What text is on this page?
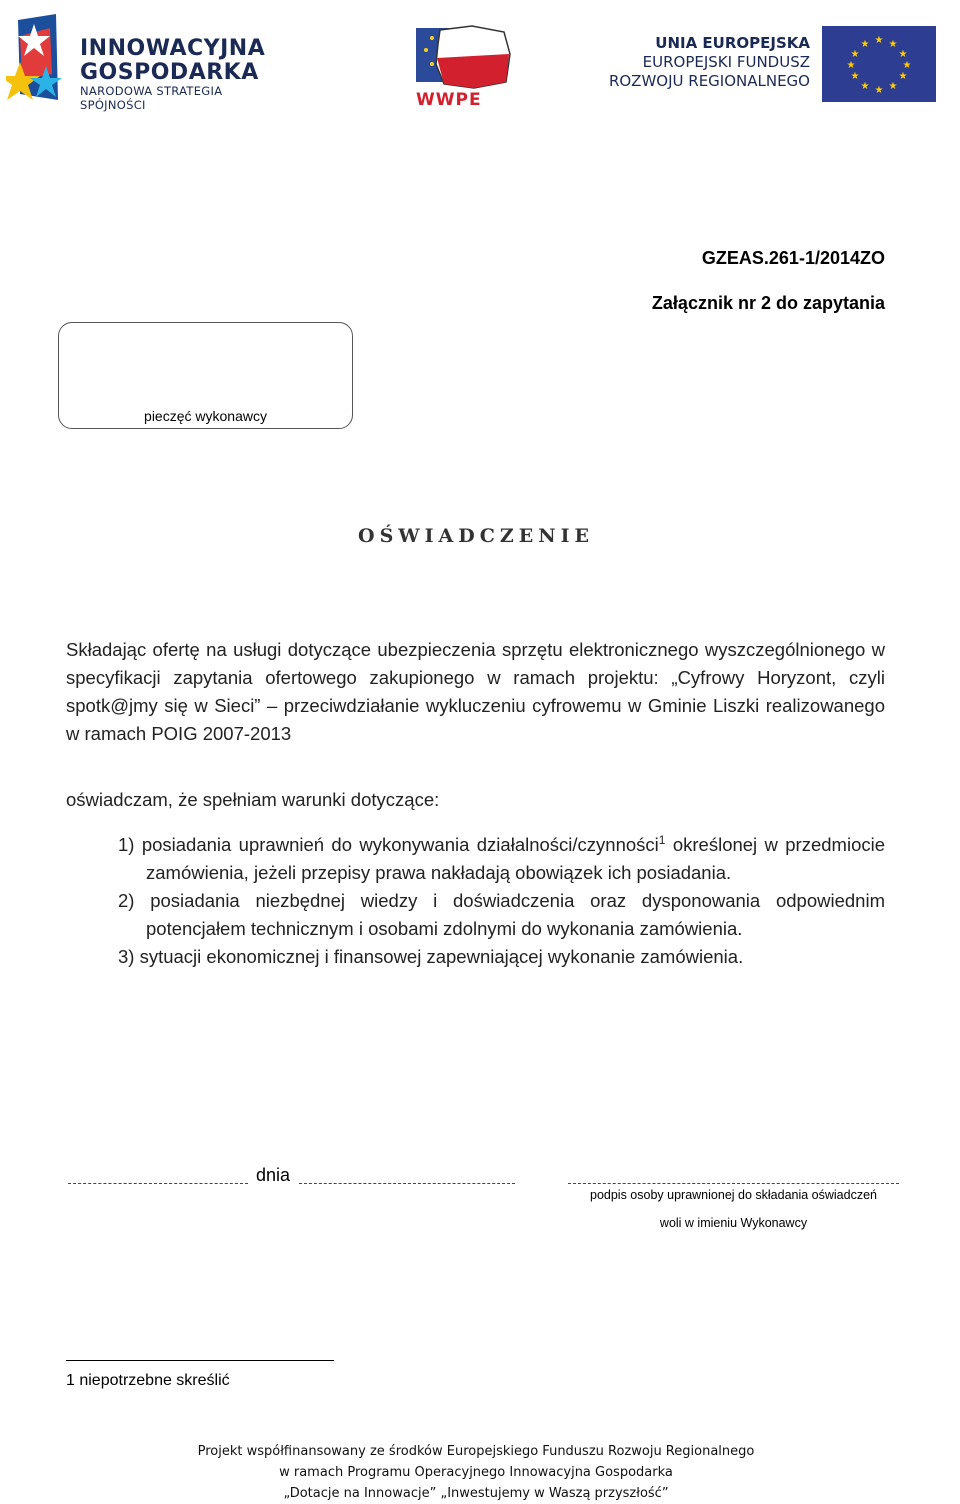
INNOWACYJNA
GOSPODARKA
NARODOWA STRATEGIA SPÓJNOŚCI	WWPE
UNIA EUROPEJSKA
EUROPEJSKI FUNDUSZ
ROZWOJU REGIONALNEGO
★ ★
★
★
★
★
★
★
★
★
★
★
GZEAS.261-1/2014ZO
Załącznik nr 2 do zapytania
pieczęć wykonawcy
OŚWIADCZENIE
Składając ofertę na usługi dotyczące ubezpieczenia sprzętu elektronicznego wyszczególnionego w specyfikacji zapytania ofertowego zakupionego w ramach projektu: „Cyfrowy Horyzont, czyli spotk@jmy się w Sieci” – przeciwdziałanie wykluczeniu cyfrowemu w Gminie Liszki realizowanego w ramach POIG 2007-2013
oświadczam, że spełniam warunki dotyczące:
1) posiadania uprawnień do wykonywania działalności/czynności$^1$ określonej w przedmiocie zamówienia, jeżeli przepisy prawa nakładają obowiązek ich posiadania.
2) posiadania niezbędnej wiedzy i doświadczenia oraz dysponowania odpowiednim potencjałem technicznym i osobami zdolnymi do wykonania zamówienia.
3) sytuacji ekonomicznej i finansowej zapewniającej wykonanie zamówienia.
dnia
podpis osoby uprawnionej do składania oświadczeń
woli w imieniu Wykonawcy
1 niepotrzebne skreślić
Projekt współfinansowany ze środków Europejskiego Funduszu Rozwoju Regionalnego
w ramach Programu Operacyjnego Innowacyjna Gospodarka
„Dotacje na Innowacje” „Inwestujemy w Waszą przyszłość”
